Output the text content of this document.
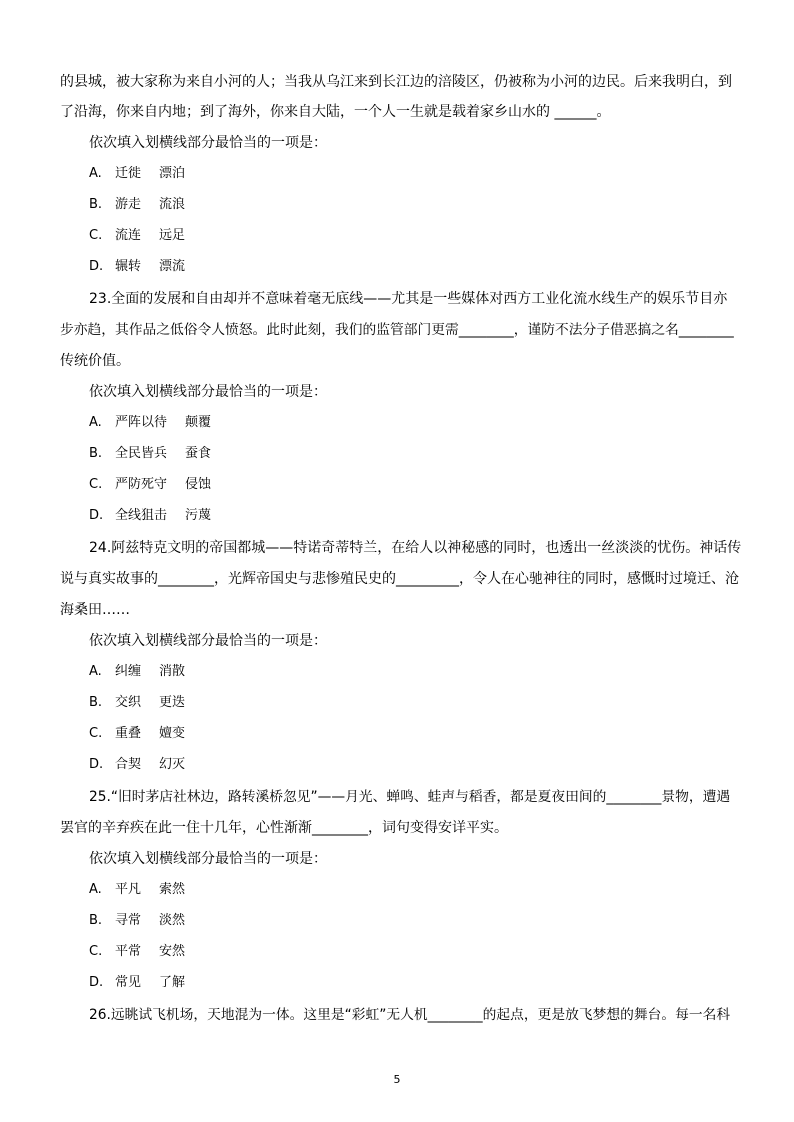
的县城，被大家称为来自小河的人；当我从乌江来到长江边的涪陵区，仍被称为小河的边民。后来我明白，到
了沿海，你来自内地；到了海外，你来自大陆，一个人一生就是载着家乡山水的 ______。
依次填入划横线部分最恰当的一项是：
A. 迁徙 漂泊
B. 游走 流浪
C. 流连 远足
D. 辗转 漂流
23.全面的发展和自由却并不意味着毫无底线——尤其是一些媒体对西方工业化流水线生产的娱乐节目亦
步亦趋，其作品之低俗令人愤怒。此时此刻，我们的监管部门更需________，谨防不法分子借恶搞之名________
传统价值。
依次填入划横线部分最恰当的一项是：
A. 严阵以待 颠覆
B. 全民皆兵 蚕食
C. 严防死守 侵蚀
D. 全线狙击 污蔑
24.阿兹特克文明的帝国都城——特诺奇蒂特兰，在给人以神秘感的同时，也透出一丝淡淡的忧伤。神话传
说与真实故事的________，光辉帝国史与悲惨殖民史的_________，令人在心驰神往的同时，感慨时过境迁、沧
海桑田……
依次填入划横线部分最恰当的一项是：
A. 纠缠 消散
B. 交织 更迭
C. 重叠 嬗变
D. 合契 幻灭
25.“旧时茅店社林边，路转溪桥忽见”——月光、蝉鸣、蛙声与稻香，都是夏夜田间的________景物，遭遇
罢官的辛弃疾在此一住十几年，心性渐渐________，词句变得安详平实。
依次填入划横线部分最恰当的一项是：
A. 平凡 索然
B. 寻常 淡然
C. 平常 安然
D. 常见 了解
26.远眺试飞机场，天地混为一体。这里是“彩虹”无人机________的起点，更是放飞梦想的舞台。每一名科
5
